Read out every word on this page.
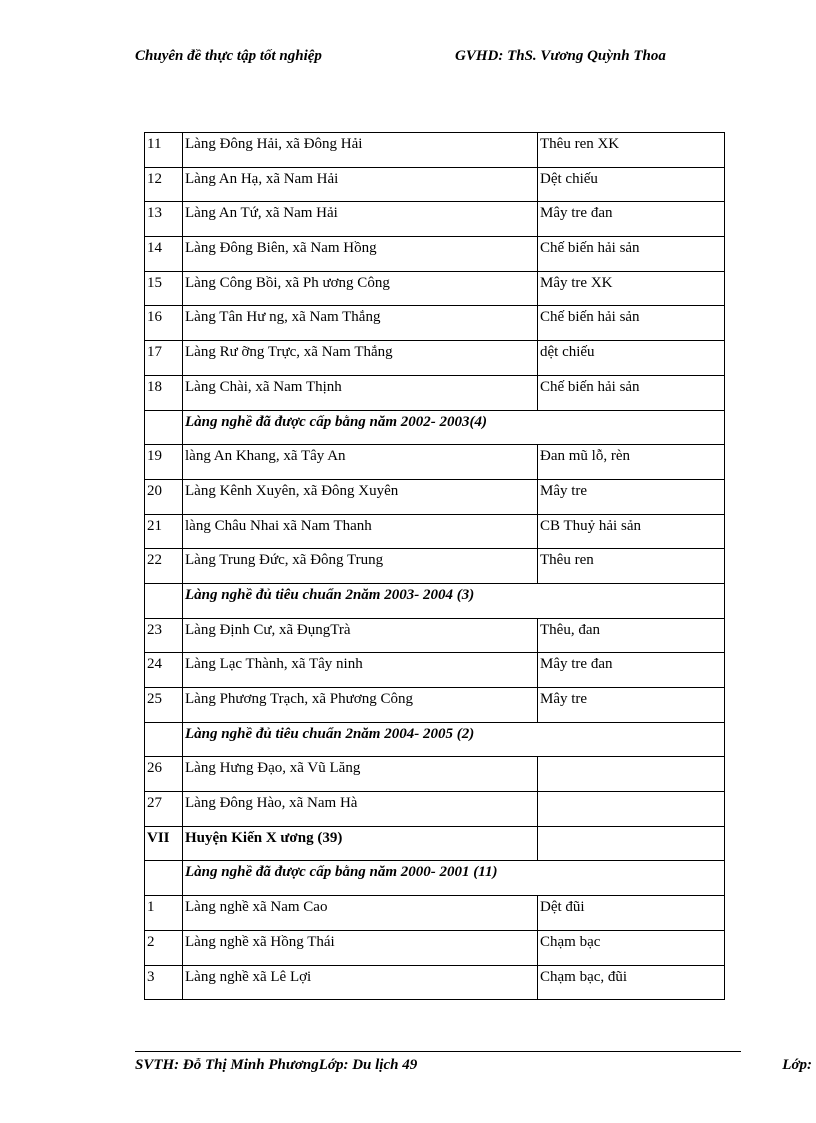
Chuyên đề thực tập tốt nghiệp	GVHD: ThS. Vương Quỳnh Thoa
11	Làng Đông Hải, xã Đông Hải	Thêu ren XK
12	Làng An Hạ, xã Nam Hải	Dệt chiếu
13	Làng An Tứ, xã Nam Hải	Mây tre đan
14	Làng Đông Biên, xã Nam Hồng	Chế biến hải sản
15	Làng Công Bồi, xã Ph ương Công	Mây tre XK
16	Làng Tân Hư ng, xã Nam Thắng	Chế biến hải sản
17	Làng Rư ỡng Trực, xã Nam Thắng	dệt chiếu
18	Làng Chài, xã Nam Thịnh	Chế biến hải sản
	Làng nghề đã được cấp bằng năm 2002- 2003(4)	
19	làng An Khang, xã Tây An	Đan mũ lỗ, rèn
20	Làng Kênh Xuyên, xã Đông Xuyên	Mây tre
21	làng Châu Nhai xã Nam Thanh	CB Thuỷ hải sản
22	Làng Trung Đức, xã Đông Trung	Thêu ren
	Làng nghề đủ tiêu chuẩn 2năm 2003- 2004 (3)	
23	Làng Định Cư, xã ĐụngTrà	Thêu, đan
24	Làng Lạc Thành, xã Tây ninh	Mây tre đan
25	Làng Phương Trạch, xã Phương Công	Mây tre
	Làng nghề đủ tiêu chuẩn 2năm 2004- 2005 (2)	
26	Làng Hưng Đạo, xã Vũ Lăng	
27	Làng Đông Hào, xã Nam Hà	
VII	Huyện Kiến X ương (39)	
	Làng nghề đã được cấp bằng năm 2000- 2001 (11)	
1	Làng nghề xã Nam Cao	Dệt đũi
2	Làng nghề xã Hồng Thái	Chạm bạc
3	Làng nghề xã Lê Lợi	Chạm bạc, đũi
SVTH: Đỗ Thị Minh PhươngLớp: Du lịch 49	Lớp:
